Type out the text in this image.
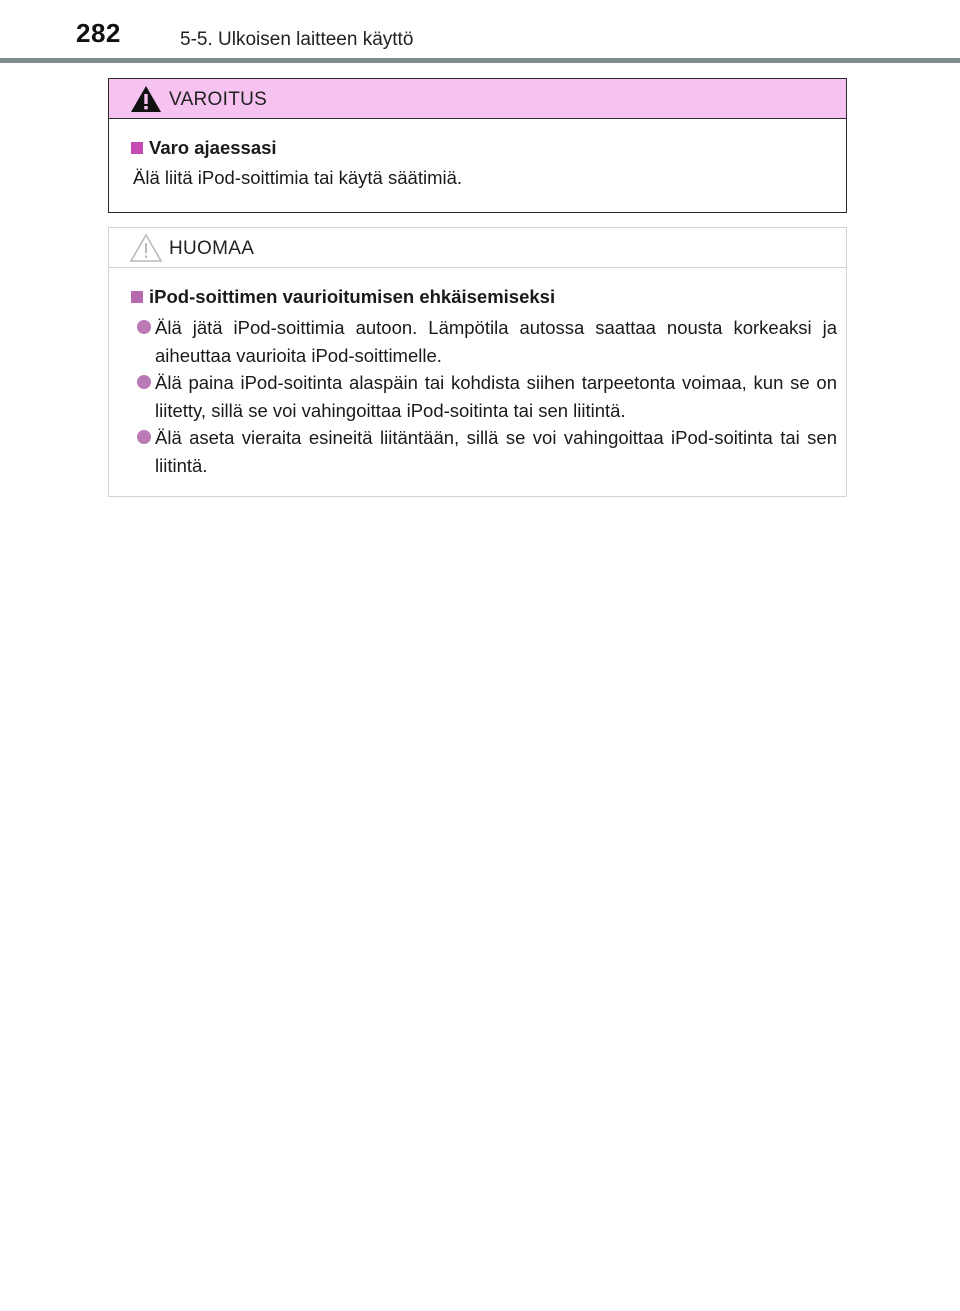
282	5-5. Ulkoisen laitteen käyttö
VAROITUS
Varo ajaessasi
Älä liitä iPod-soittimia tai käytä säätimiä.
HUOMAA
iPod-soittimen vaurioitumisen ehkäisemiseksi
Älä jätä iPod-soittimia autoon. Lämpötila autossa saattaa nousta korkeaksi ja aiheuttaa vaurioita iPod-soittimelle.
Älä paina iPod-soitinta alaspäin tai kohdista siihen tarpeetonta voimaa, kun se on liitetty, sillä se voi vahingoittaa iPod-soitinta tai sen liitintä.
Älä aseta vieraita esineitä liitäntään, sillä se voi vahingoittaa iPod-soitinta tai sen liitintä.
